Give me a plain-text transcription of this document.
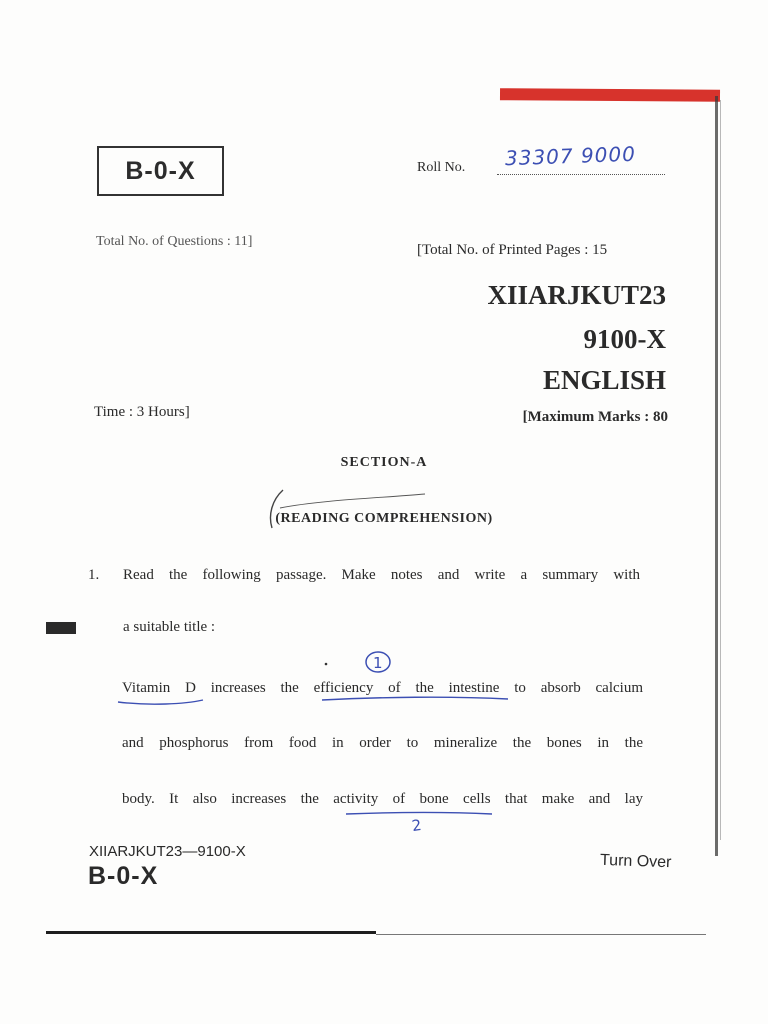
B-0-X	Roll No. 33307 9000
Total No. of Questions : 11]
[Total No. of Printed Pages : 15
XIIARJKUT23
9100-X
ENGLISH
Time : 3 Hours]	[Maximum Marks : 80
SECTION-A
(READING COMPREHENSION)
1. Read the following passage. Make notes and write a summary with
a suitable title :
Vitamin D increases the efficiency of the intestine to absorb calcium
and phosphorus from food in order to mineralize the bones in the
body. It also increases the activity of bone cells that make and lay
1
2
XIIARJKUT23—9100-X
B-0-X
Turn Over
